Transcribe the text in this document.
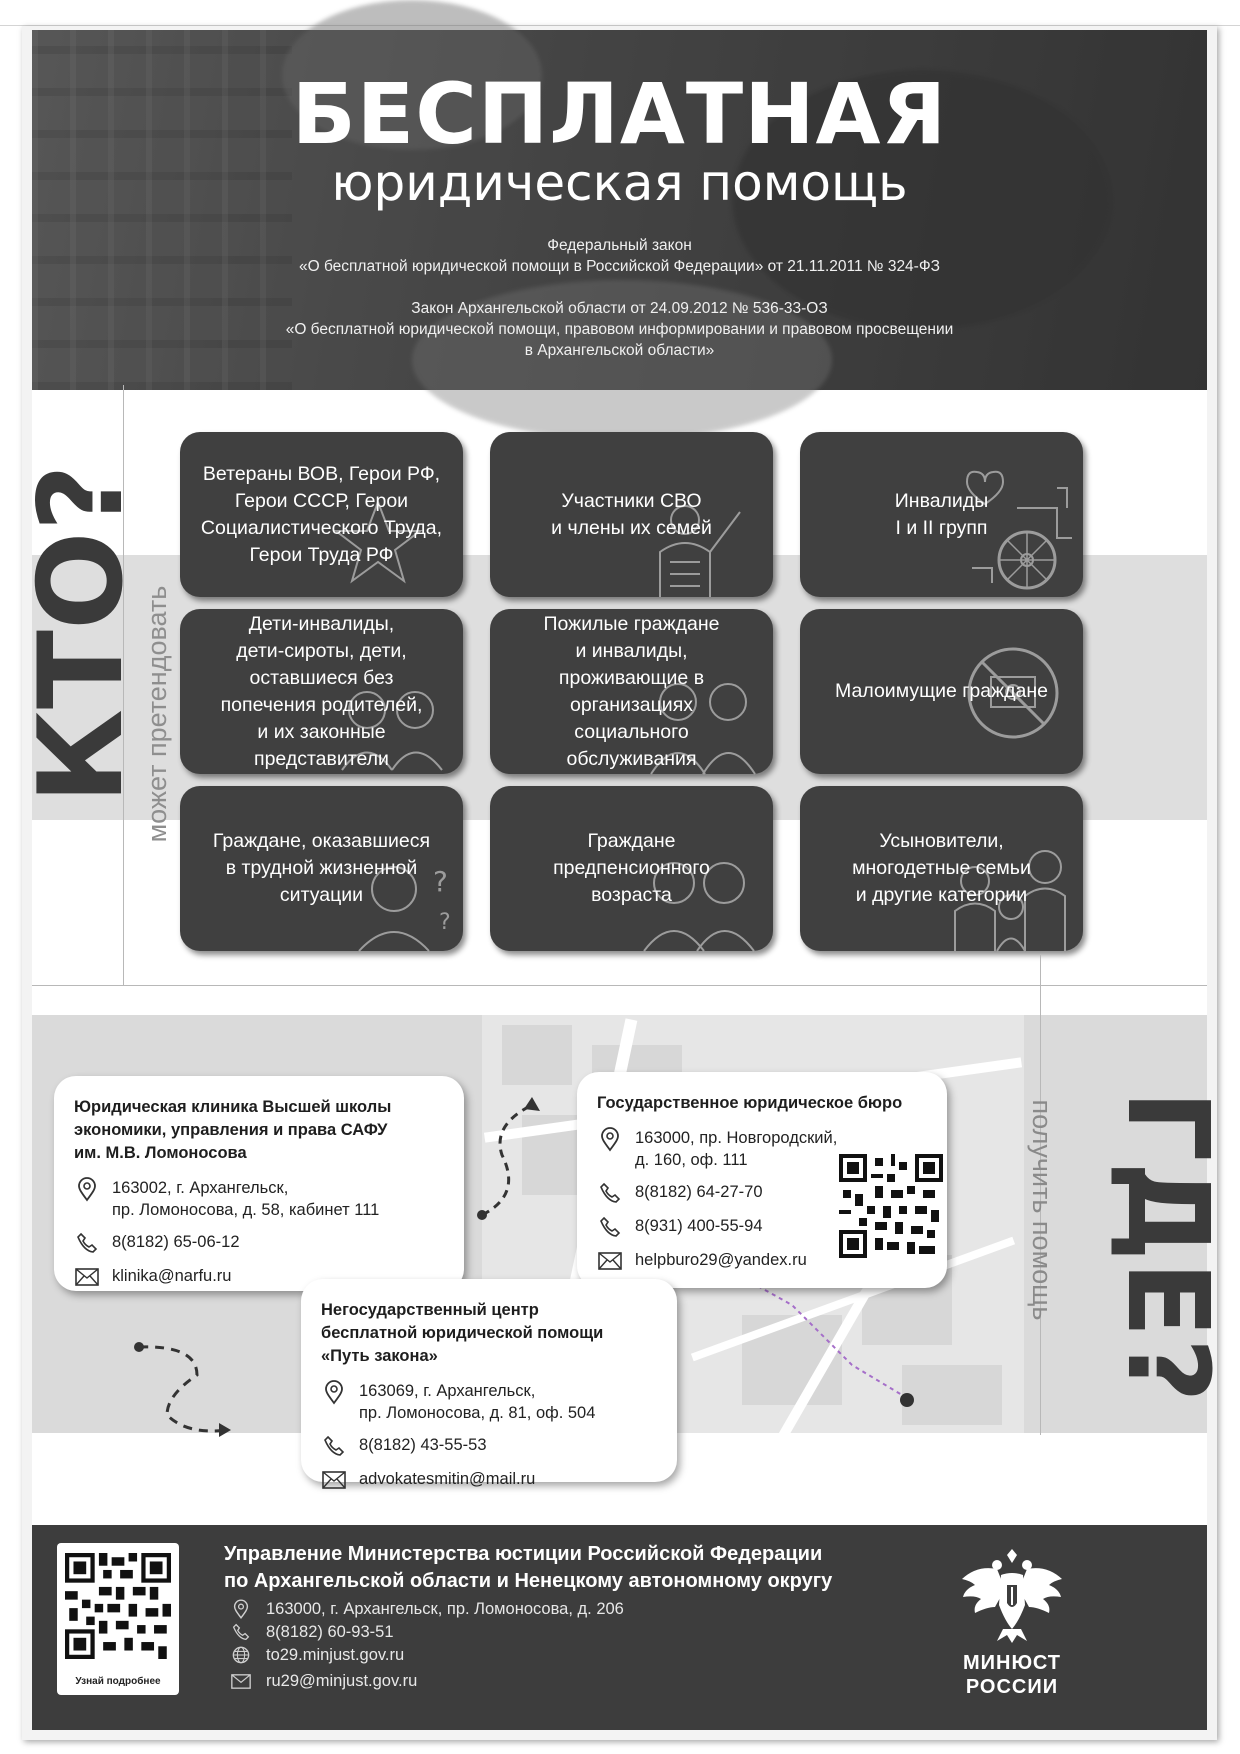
БЕСПЛАТНАЯ
юридическая помощь
Федеральный закон
«О бесплатной юридической помощи в Российской Федерации» от 21.11.2011 № 324-ФЗ
Закон Архангельской области от 24.09.2012 № 536-33-ОЗ
«О бесплатной юридической помощи, правовом информировании и правовом просвещении
в Архангельской области»
КТО?
может претендовать
Ветераны ВОВ, Герои РФ,
Герои СССР, Герои
Социалистического Труда,
Герои Труда РФ
Участники СВО
и члены их семей
Инвалиды
I и II групп
Дети-инвалиды,
дети-сироты, дети,
оставшиеся без
попечения родителей,
и их законные
представители
Пожилые граждане
и инвалиды,
проживающие в
организациях
социального
обслуживания
Малоимущие граждане
?
?
Граждане, оказавшиеся
в трудной жизненной
ситуации
Граждане
предпенсионного
возраста
Усыновители,
многодетные семьи
и другие категории
ГДЕ?
получить помощь
Юридическая клиника Высшей школы
экономики, управления и права САФУ
им. М.В. Ломоносова
163002, г. Архангельск,
пр. Ломоносова, д. 58, кабинет 111
8(8182) 65-06-12
klinika@narfu.ru
Государственное юридическое бюро
163000, пр. Новгородский,
д. 160, оф. 111
8(8182) 64-27-70
8(931) 400-55-94
helpburo29@yandex.ru
Негосударственный центр
бесплатной юридической помощи
«Путь закона»
163069, г. Архангельск,
пр. Ломоносова, д. 81, оф. 504
8(8182) 43-55-53
advokatesmitin@mail.ru
Узнай подробнее
Управление Министерства юстиции Российской Федерации
по Архангельской области и Ненецкому автономному округу
163000, г. Архангельск, пр. Ломоносова, д. 206
8(8182) 60-93-51
to29.minjust.gov.ru
ru29@minjust.gov.ru
МИНЮСТ
РОССИИ
